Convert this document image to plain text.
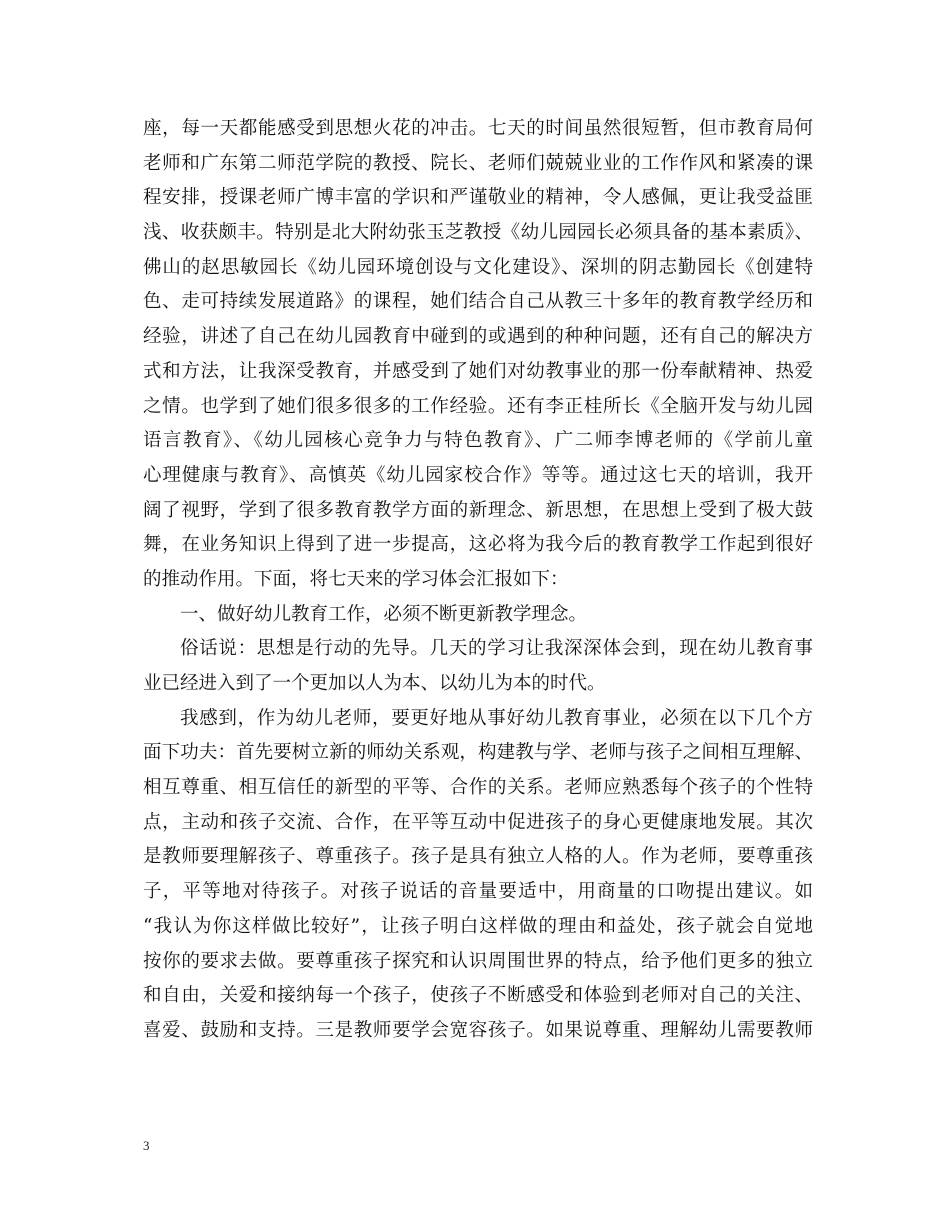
座，每一天都能感受到思想火花的冲击。七天的时间虽然很短暂，但市教育局何
老师和广东第二师范学院的教授、院长、老师们兢兢业业的工作作风和紧凑的课
程安排，授课老师广博丰富的学识和严谨敬业的精神，令人感佩，更让我受益匪
浅、收获颇丰。特别是北大附幼张玉芝教授《幼儿园园长必须具备的基本素质》、
佛山的赵思敏园长《幼儿园环境创设与文化建设》、深圳的阴志勤园长《创建特
色、走可持续发展道路》的课程，她们结合自己从教三十多年的教育教学经历和
经验，讲述了自己在幼儿园教育中碰到的或遇到的种种问题，还有自己的解决方
式和方法，让我深受教育，并感受到了她们对幼教事业的那一份奉献精神、热爱
之情。也学到了她们很多很多的工作经验。还有李正桂所长《全脑开发与幼儿园
语言教育》、《幼儿园核心竞争力与特色教育》、广二师李博老师的《学前儿童
心理健康与教育》、高慎英《幼儿园家校合作》等等。通过这七天的培训，我开
阔了视野，学到了很多教育教学方面的新理念、新思想，在思想上受到了极大鼓
舞，在业务知识上得到了进一步提高，这必将为我今后的教育教学工作起到很好
的推动作用。下面，将七天来的学习体会汇报如下：
一、做好幼儿教育工作，必须不断更新教学理念。
俗话说：思想是行动的先导。几天的学习让我深深体会到，现在幼儿教育事
业已经进入到了一个更加以人为本、以幼儿为本的时代。
我感到，作为幼儿老师，要更好地从事好幼儿教育事业，必须在以下几个方
面下功夫：首先要树立新的师幼关系观，构建教与学、老师与孩子之间相互理解、
相互尊重、相互信任的新型的平等、合作的关系。老师应熟悉每个孩子的个性特
点，主动和孩子交流、合作，在平等互动中促进孩子的身心更健康地发展。其次
是教师要理解孩子、尊重孩子。孩子是具有独立人格的人。作为老师，要尊重孩
子，平等地对待孩子。对孩子说话的音量要适中，用商量的口吻提出建议。如
“我认为你这样做比较好”，让孩子明白这样做的理由和益处，孩子就会自觉地
按你的要求去做。要尊重孩子探究和认识周围世界的特点，给予他们更多的独立
和自由，关爱和接纳每一个孩子，使孩子不断感受和体验到老师对自己的关注、
喜爱、鼓励和支持。三是教师要学会宽容孩子。如果说尊重、理解幼儿需要教师
3
